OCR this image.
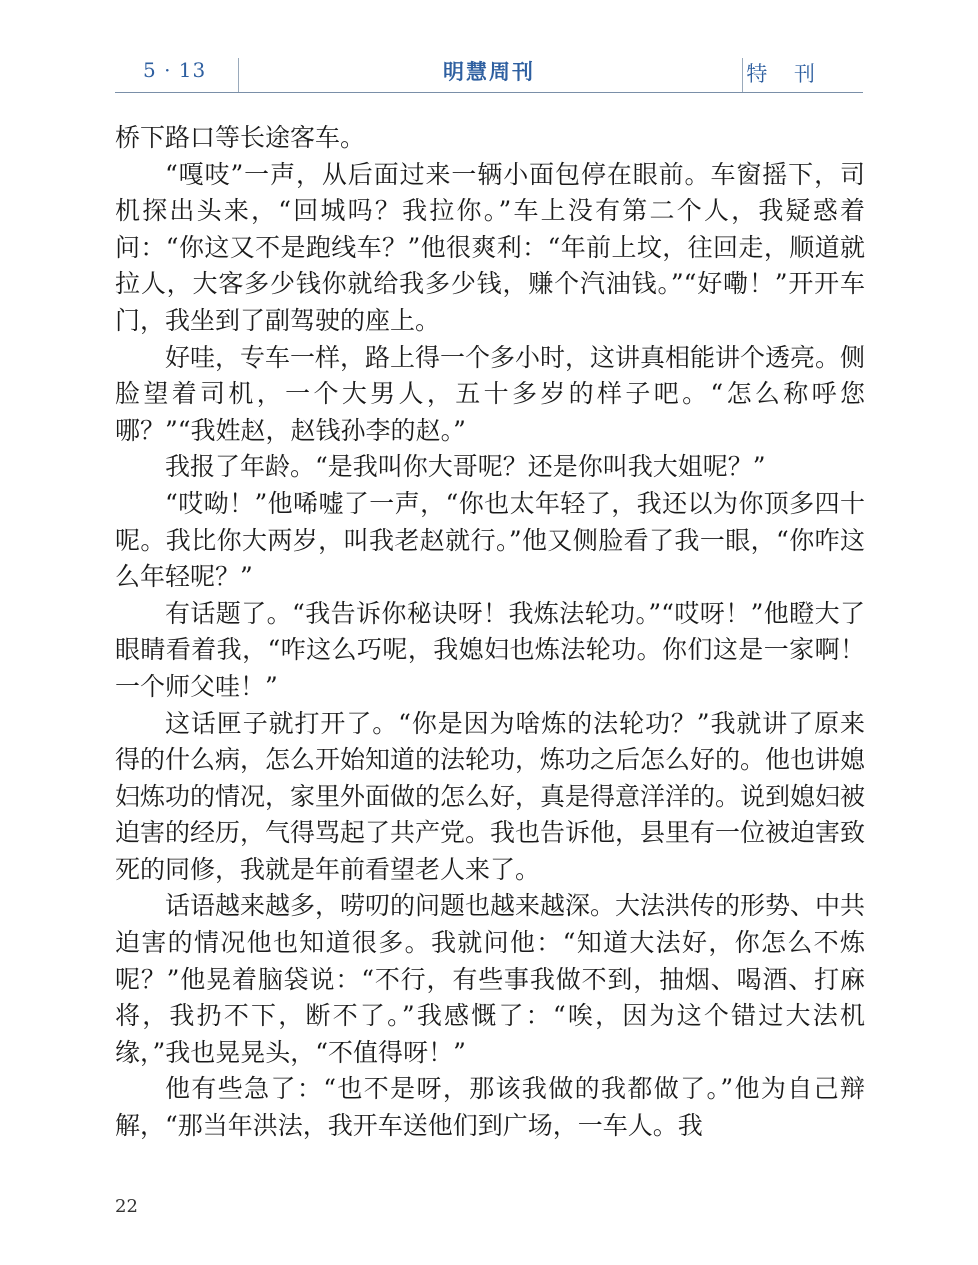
5 · 13	明慧周刊	特 刊

桥下路口等长途客车。

“嘎吱”一声，从后面过来一辆小面包停在眼前。车窗摇下，司机探出头来，“回城吗？我拉你。”车上没有第二个人，我疑惑着问：“你这又不是跑线车？”他很爽利：“年前上坟，往回走，顺道就拉人，大客多少钱你就给我多少钱，赚个汽油钱。”“好嘞！”开开车门，我坐到了副驾驶的座上。

好哇，专车一样，路上得一个多小时，这讲真相能讲个透亮。侧脸望着司机，一个大男人，五十多岁的样子吧。“怎么称呼您哪？”“我姓赵，赵钱孙李的赵。”

我报了年龄。“是我叫你大哥呢？还是你叫我大姐呢？”

“哎呦！”他唏嘘了一声，“你也太年轻了，我还以为你顶多四十呢。我比你大两岁，叫我老赵就行。”他又侧脸看了我一眼，“你咋这么年轻呢？”

有话题了。“我告诉你秘诀呀！我炼法轮功。”“哎呀！”他瞪大了眼睛看着我，“咋这么巧呢，我媳妇也炼法轮功。你们这是一家啊！一个师父哇！”

这话匣子就打开了。“你是因为啥炼的法轮功？”我就讲了原来得的什么病，怎么开始知道的法轮功，炼功之后怎么好的。他也讲媳妇炼功的情况，家里外面做的怎么好，真是得意洋洋的。说到媳妇被迫害的经历，气得骂起了共产党。我也告诉他，县里有一位被迫害致死的同修，我就是年前看望老人来了。

话语越来越多，唠叨的问题也越来越深。大法洪传的形势、中共迫害的情况他也知道很多。我就问他：“知道大法好，你怎么不炼呢？”他晃着脑袋说：“不行，有些事我做不到，抽烟、喝酒、打麻将，我扔不下，断不了。”我感慨了：“唉，因为这个错过大法机缘，”我也晃晃头，“不值得呀！”

他有些急了：“也不是呀，那该我做的我都做了。”他为自己辩解，“那当年洪法，我开车送他们到广场，一车人。我

22
